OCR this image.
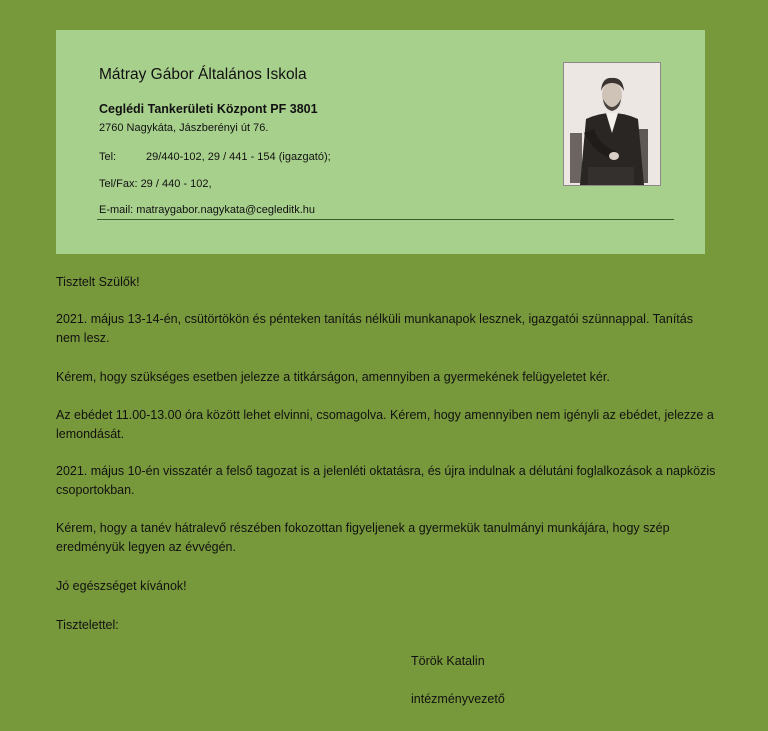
Mátray Gábor Általános Iskola
Ceglédi Tankerületi Központ PF 3801
2760 Nagykáta, Jászberényi út 76.
Tel:	29/440-102, 29 / 441 - 154 (igazgató);
Tel/Fax: 29 / 440 - 102,
E-mail: matraygabor.nagykata@cegleditk.hu

Tisztelt Szülők!

2021. május 13-14-én, csütörtökön és pénteken tanítás nélküli munkanapok lesznek, igazgatói szünnappal. Tanítás nem lesz.

Kérem, hogy szükséges esetben jelezze a titkárságon, amennyiben a gyermekének felügyeletet kér.

Az ebédet 11.00-13.00 óra között lehet elvinni, csomagolva. Kérem, hogy amennyiben nem igényli az ebédet, jelezze a lemondását.

2021. május 10-én visszatér a felső tagozat is a jelenléti oktatásra, és újra indulnak a délutáni foglalkozások a napközis csoportokban.

Kérem, hogy a tanév hátralevő részében fokozottan figyeljenek a gyermekük tanulmányi munkájára, hogy szép eredményük legyen az évvégén.

Jó egészséget kívánok!

Tisztelettel:

Török Katalin
intézményvezető
